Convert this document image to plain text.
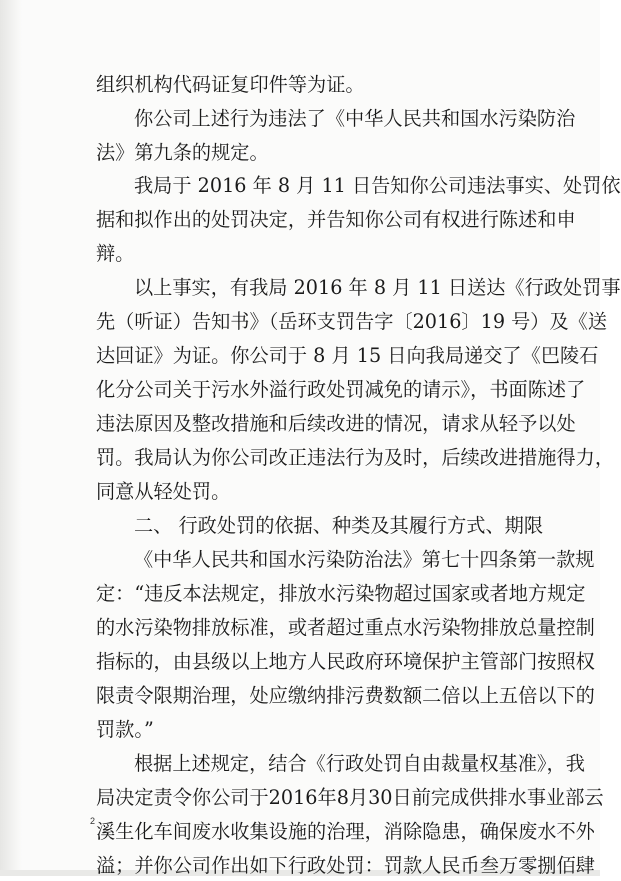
组织机构代码证复印件等为证。
你公司上述行为违法了《中华人民共和国水污染防治
法》第九条的规定。
我局于 2016 年 8 月 11 日告知你公司违法事实、处罚依
据和拟作出的处罚决定，并告知你公司有权进行陈述和申
辩。
以上事实，有我局 2016 年 8 月 11 日送达《行政处罚事
先（听证）告知书》（岳环支罚告字〔2016〕19 号）及《送
达回证》为证。你公司于 8 月 15 日向我局递交了《巴陵石
化分公司关于污水外溢行政处罚减免的请示》，书面陈述了
违法原因及整改措施和后续改进的情况，请求从轻予以处
罚。我局认为你公司改正违法行为及时，后续改进措施得力，
同意从轻处罚。
二、 行政处罚的依据、种类及其履行方式、期限
《中华人民共和国水污染防治法》第七十四条第一款规
定：“违反本法规定，排放水污染物超过国家或者地方规定
的水污染物排放标准，或者超过重点水污染物排放总量控制
指标的，由县级以上地方人民政府环境保护主管部门按照权
限责令限期治理，处应缴纳排污费数额二倍以上五倍以下的
罚款。”
根据上述规定，结合《行政处罚自由裁量权基准》，我
局决定责令你公司于2016年8月30日前完成供排水事业部云
溪生化车间废水收集设施的治理，消除隐患，确保废水不外
溢；并你公司作出如下行政处罚：罚款人民币叁万零捌佰肆
2
